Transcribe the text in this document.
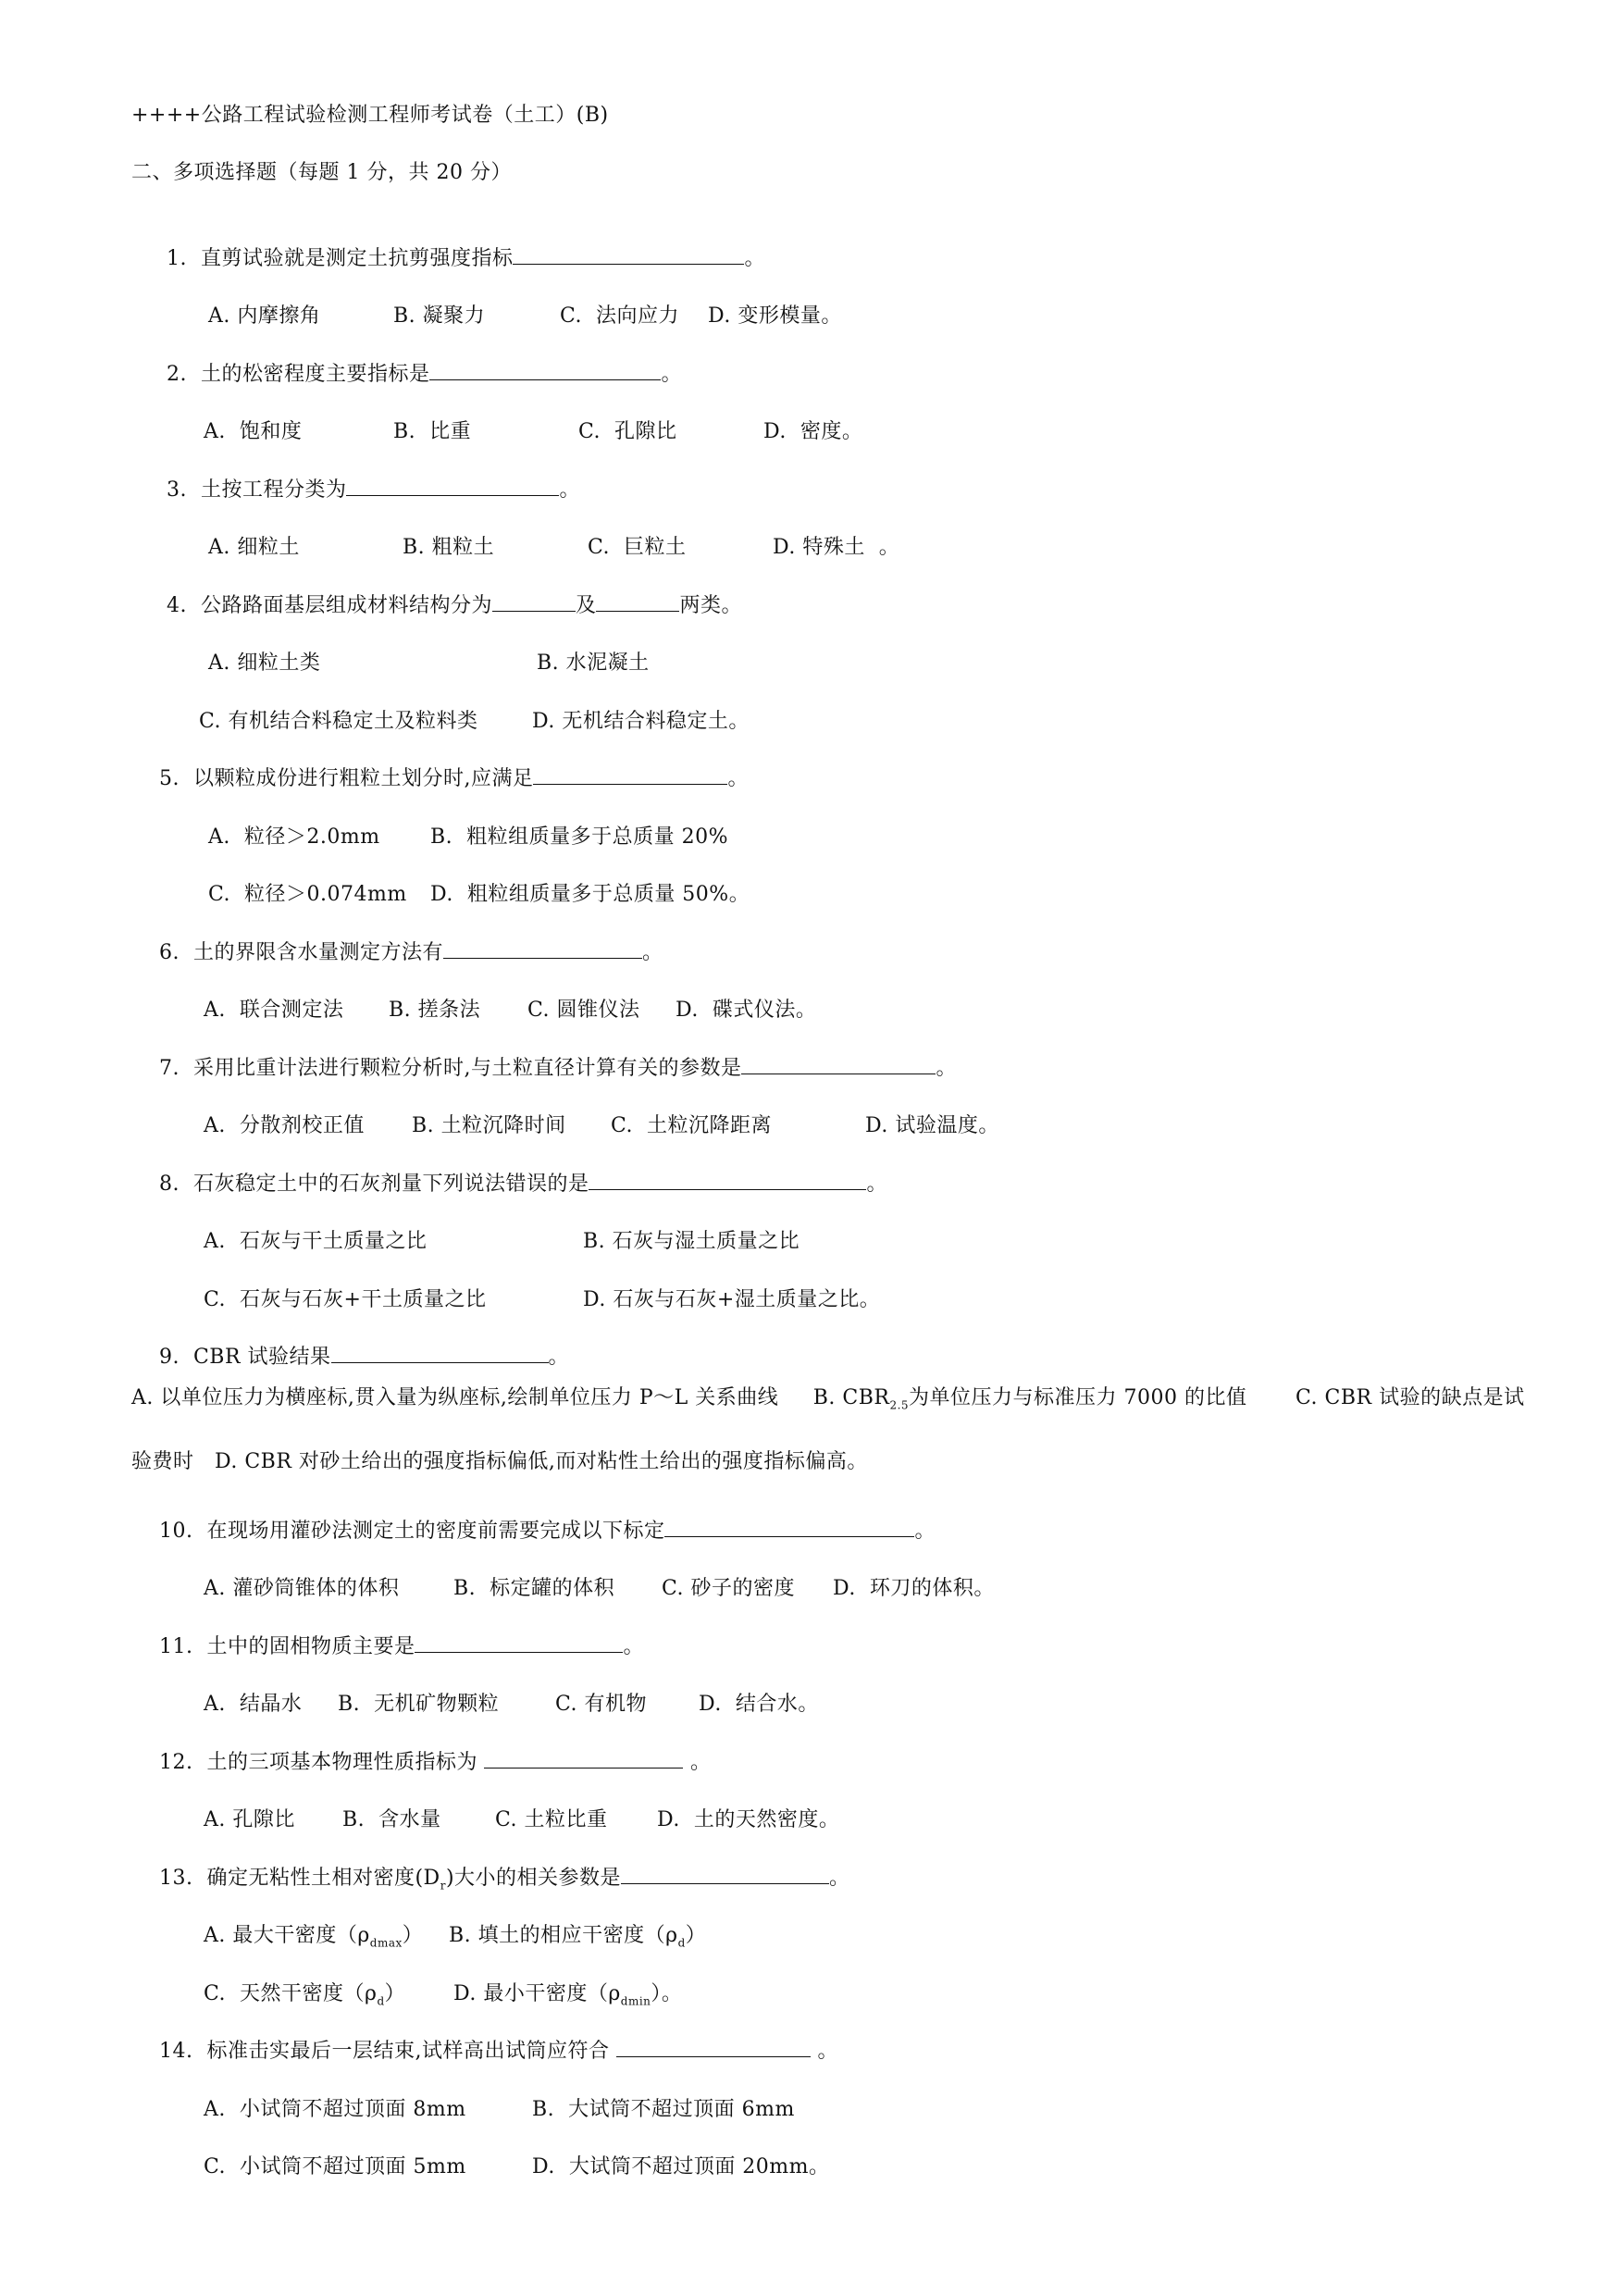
++++公路工程试验检测工程师考试卷（土工）(B)
二、多项选择题（每题 1 分，共 20 分）

1.  直剪试验就是测定土抗剪强度指标	。

A. 内摩擦角	B. 凝聚力	C.  法向应力 D. 变形模量。

2.  土的松密程度主要指标是	。

A.  饱和度	B.  比重	C.  孔隙比	D.  密度。

3.  土按工程分类为	。

A. 细粒土	B. 粗粒土	C.  巨粒土	D. 特殊土  。

4.  公路路面基层组成材料结构分为	及	两类。

A. 细粒土类	B. 水泥凝土

C. 有机结合料稳定土及粒料类	D. 无机结合料稳定土。

5.  以颗粒成份进行粗粒土划分时,应满足	。

A.  粒径＞2.0mm B.  粗粒组质量多于总质量 20%

C.  粒径＞0.074mm D.  粗粒组质量多于总质量 50%。

6.  土的界限含水量测定方法有	。

A.  联合测定法 B. 搓条法 C. 圆锥仪法 D.  碟式仪法。

7.  采用比重计法进行颗粒分析时,与土粒直径计算有关的参数是	。

A.  分散剂校正值 B. 土粒沉降时间 C.  土粒沉降距离	D. 试验温度。

8.  石灰稳定土中的石灰剂量下列说法错误的是	。

A.  石灰与干土质量之比	B. 石灰与湿土质量之比

C.  石灰与石灰+干土质量之比	D. 石灰与石灰+湿土质量之比。

9.  CBR 试验结果	。

A. 以单位压力为横座标,贯入量为纵座标,绘制单位压力 P～L 关系曲线 B. $CBR_{2.5}$为单位压力与标准压力 7000 的比值 C. CBR 试验的缺点是试验费时 D. CBR 对砂土给出的强度指标偏低,而对粘性土给出的强度指标偏高。

10.  在现场用灌砂法测定土的密度前需要完成以下标定	。

A. 灌砂筒锥体的体积	B.  标定罐的体积 C. 砂子的密度 D.  环刀的体积。

11.  土中的固相物质主要是	。

A.  结晶水 B.  无机矿物颗粒	C. 有机物	D.  结合水。

12.  土的三项基本物理性质指标为	。

A. 孔隙比 B.  含水量	C. 土粒比重 D.  土的天然密度。

13.  确定无粘性土相对密度$(D_r)$大小的相关参数是	。

A. 最大干密度$(\rho_{dmax})$ B. 填土的相应干密度$(\rho_d)$

C.  天然干密度$(\rho_d)$ D. 最小干密度$(\rho_{dmin})$。

14.  标准击实最后一层结束,试样高出试筒应符合	。

A.  小试筒不超过顶面 8mm	B.  大试筒不超过顶面 6mm

C.  小试筒不超过顶面 5mm	D.  大试筒不超过顶面 20mm。
